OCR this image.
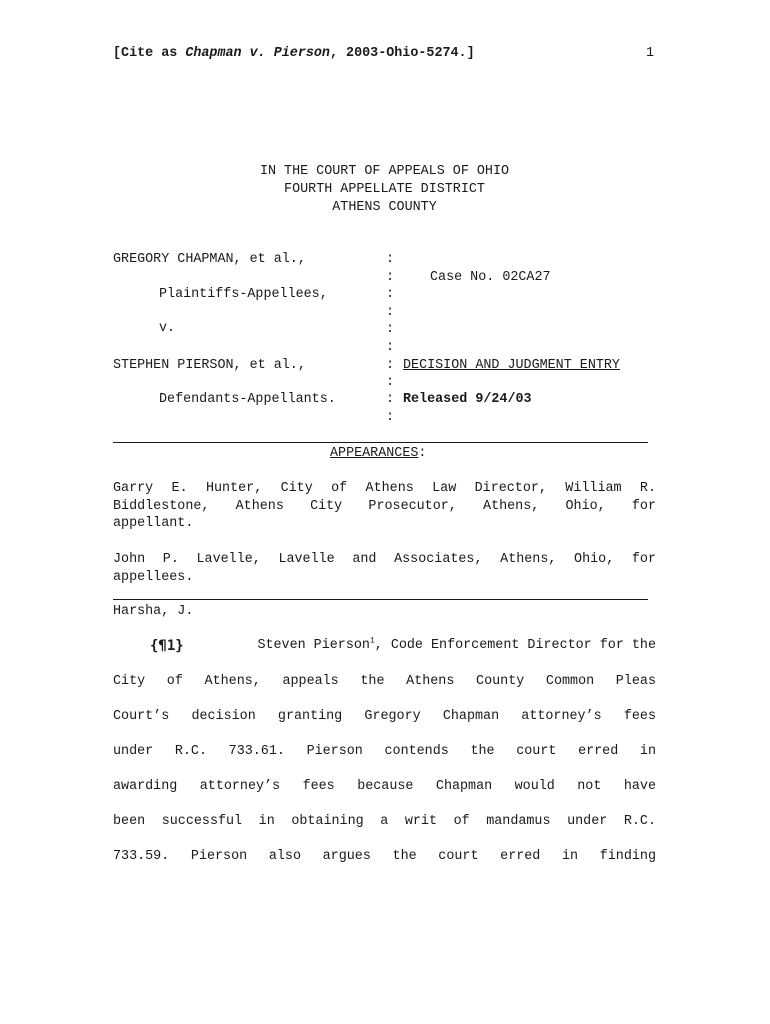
[Cite as Chapman v. Pierson, 2003-Ohio-5274.]	1
IN THE COURT OF APPEALS OF OHIO
FOURTH APPELLATE DISTRICT
ATHENS COUNTY
GREGORY CHAPMAN, et al.,
Plaintiffs-Appellees,
v.
STEPHEN PIERSON, et al.,
Defendants-Appellants.
:
:
:
:
:
:
:
:
:
:
Case No. 02CA27
DECISION AND JUDGMENT ENTRY
Released 9/24/03
APPEARANCES:
Garry E. Hunter, City of Athens Law Director, William R.
Biddlestone, Athens City Prosecutor, Athens, Ohio, for
appellant.
John P. Lavelle, Lavelle and Associates, Athens, Ohio, for
appellees.
Harsha, J.
{¶1}	Steven Pierson$^1$, Code Enforcement Director for the
City of Athens, appeals the Athens County Common Pleas
Court’s decision granting Gregory Chapman attorney’s fees
under R.C. 733.61. Pierson contends the court erred in
awarding attorney’s fees because Chapman would not have
been successful in obtaining a writ of mandamus under R.C.
733.59. Pierson also argues the court erred in finding
